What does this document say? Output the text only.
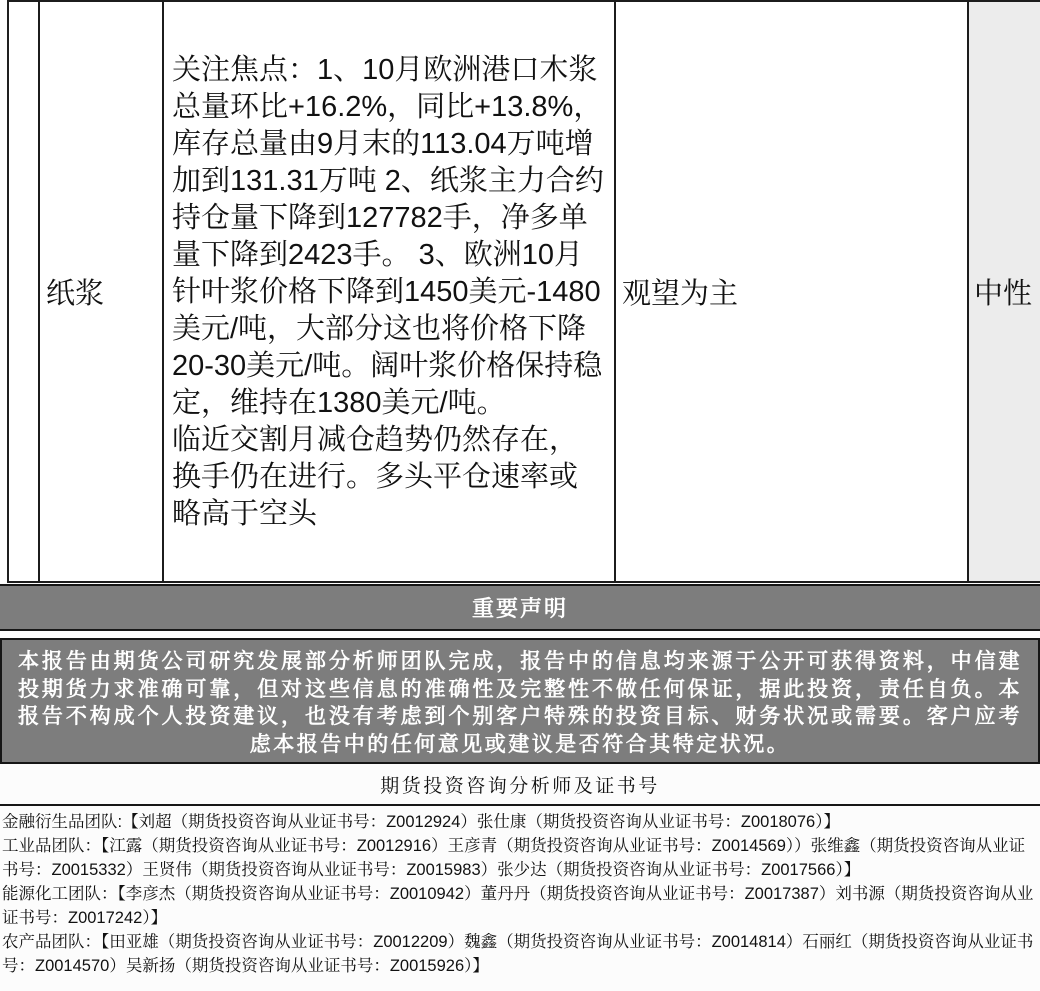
纸浆

关注焦点：1、10月欧洲港口木浆总量环比+16.2%，同比+13.8%，库存总量由9月末的113.04万吨增加到131.31万吨 2、纸浆主力合约持仓量下降到127782手，净多单量下降到2423手。 3、欧洲10月针叶浆价格下降到1450美元-1480美元/吨，大部分这也将价格下降20-30美元/吨。阔叶浆价格保持稳定，维持在1380美元/吨。

临近交割月减仓趋势仍然存在，换手仍在进行。多头平仓速率或略高于空头

观望为主	中性
重要声明
本报告由期货公司研究发展部分析师团队完成，报告中的信息均来源于公开可获得资料，中信建投期货力求准确可靠，但对这些信息的准确性及完整性不做任何保证，据此投资，责任自负。本报告不构成个人投资建议，也没有考虑到个别客户特殊的投资目标、财务状况或需要。客户应考虑本报告中的任何意见或建议是否符合其特定状况。
期货投资咨询分析师及证书号

金融衍生品团队:【刘超（期货投资咨询从业证书号：Z0012924）张仕康（期货投资咨询从业证书号：Z0018076）】

工业品团队：【江露（期货投资咨询从业证书号：Z0012916）王彦青（期货投资咨询从业证书号：Z0014569））张维鑫（期货投资咨询从业证书号：Z0015332）王贤伟（期货投资咨询从业证书号：Z0015983）张少达（期货投资咨询从业证书号：Z0017566）】

能源化工团队：【李彦杰（期货投资咨询从业证书号：Z0010942）董丹丹（期货投资咨询从业证书号：Z0017387）刘书源（期货投资咨询从业证书号：Z0017242）】

农产品团队：【田亚雄（期货投资咨询从业证书号：Z0012209）魏鑫（期货投资咨询从业证书号：Z0014814）石丽红（期货投资咨询从业证书号：Z0014570）吴新扬（期货投资咨询从业证书号：Z0015926）】
